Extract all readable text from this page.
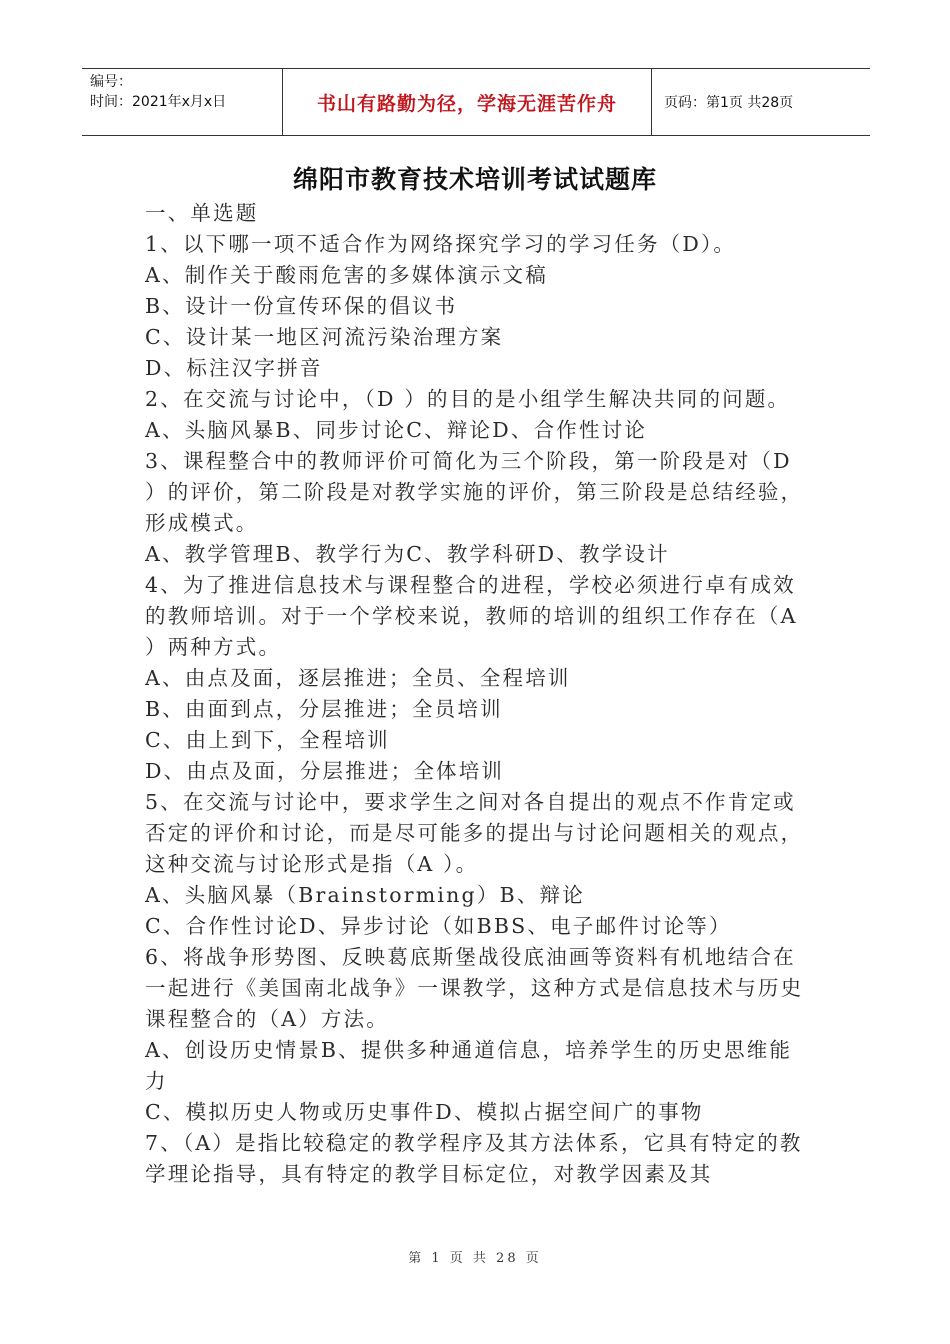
编号：
时间：2021年x月x日	书山有路勤为径，学海无涯苦作舟	页码：第1页 共28页
绵阳市教育技术培训考试试题库

一、单选题

1、以下哪一项不适合作为网络探究学习的学习任务（D）。

A、制作关于酸雨危害的多媒体演示文稿

B、设计一份宣传环保的倡议书

C、设计某一地区河流污染治理方案

D、标注汉字拼音

2、在交流与讨论中，（D ）的目的是小组学生解决共同的问题。

A、头脑风暴B、同步讨论C、辩论D、合作性讨论

3、课程整合中的教师评价可简化为三个阶段，第一阶段是对（D ）的评价，第二阶段是对教学实施的评价，第三阶段是总结经验，形成模式。

A、教学管理B、教学行为C、教学科研D、教学设计

4、为了推进信息技术与课程整合的进程，学校必须进行卓有成效的教师培训。对于一个学校来说，教师的培训的组织工作存在（A ）两种方式。

A、由点及面，逐层推进；全员、全程培训

B、由面到点，分层推进；全员培训

C、由上到下，全程培训

D、由点及面，分层推进；全体培训

5、在交流与讨论中，要求学生之间对各自提出的观点不作肯定或否定的评价和讨论，而是尽可能多的提出与讨论问题相关的观点，这种交流与讨论形式是指（A ）。

A、头脑风暴（Brainstorming）B、辩论

C、合作性讨论D、异步讨论（如BBS、电子邮件讨论等）

6、将战争形势图、反映葛底斯堡战役底油画等资料有机地结合在一起进行《美国南北战争》一课教学，这种方式是信息技术与历史课程整合的（A）方法。

A、创设历史情景B、提供多种通道信息，培养学生的历史思维能力

C、模拟历史人物或历史事件D、模拟占据空间广的事物

7、（A）是指比较稳定的教学程序及其方法体系，它具有特定的教学理论指导，具有特定的教学目标定位，对教学因素及其

第 1 页 共 28 页
